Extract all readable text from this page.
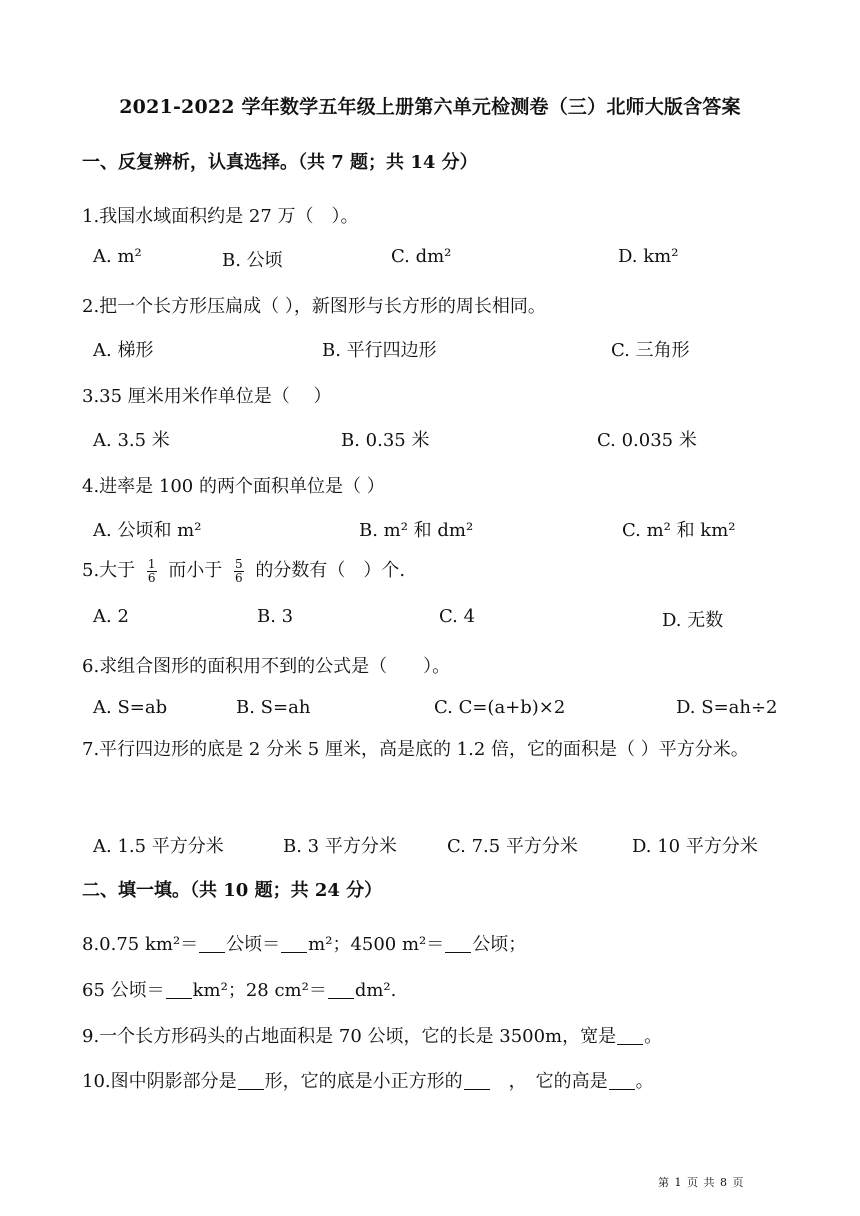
2021-2022 学年数学五年级上册第六单元检测卷（三）北师大版含答案
一、反复辨析，认真选择。（共 7 题；共 14 分）
1.我国水域面积约是 27 万（　）。
A. m²	B. 公顷	C. dm²	D. km²
2.把一个长方形压扁成（ ），新图形与长方形的周长相同。
A. 梯形	B. 平行四边形	C. 三角形
3.35 厘米用米作单位是（　 ）
A. 3.5 米	B. 0.35 米	C. 0.035 米
4.进率是 100 的两个面积单位是（ ）
A. 公顷和 m²	B. m² 和 dm²	C. m² 和 km²
5.大于 $\frac{1}{6}$ 而小于 $\frac{5}{6}$ 的分数有（　）个.
A. 2	B. 3	C. 4	D. 无数
6.求组合图形的面积用不到的公式是（　　）。
A. S=ab	B. S=ah	C. C=(a+b)×2	D. S=ah÷2
7.平行四边形的底是 2 分米 5 厘米，高是底的 1.2 倍，它的面积是（ ）平方分米。
A. 1.5 平方分米	B. 3 平方分米	C. 7.5 平方分米	D. 10 平方分米
二、填一填。（共 10 题；共 24 分）
8.0.75 km²＝ 公顷＝ m²；4500 m²＝ 公顷；
65 公顷＝ km²；28 cm²＝ dm².
9.一个长方形码头的占地面积是 70 公顷，它的长是 3500m，宽是 。
10.图中阴影部分是 形，它的底是小正方形的　，　它的高是 。
第 1 页 共 8 页
